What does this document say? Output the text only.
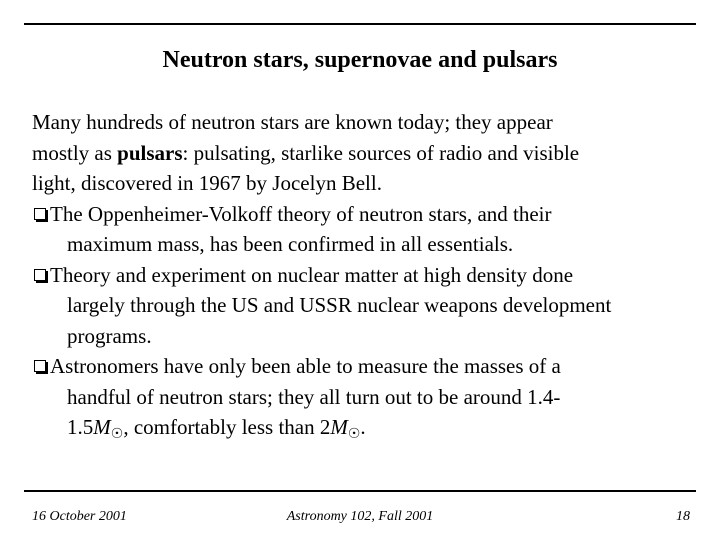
Neutron stars, supernovae and pulsars

Many hundreds of neutron stars are known today; they appear

mostly as pulsars: pulsating, starlike sources of radio and visible

light, discovered in 1967 by Jocelyn Bell.

The Oppenheimer-Volkoff theory of neutron stars, and their
maximum mass, has been confirmed in all essentials.
Theory and experiment on nuclear matter at high density done
largely through the US and USSR nuclear weapons development
programs.
Astronomers have only been able to measure the masses of a
handful of neutron stars; they all turn out to be around 1.4-
1.5M☉, comfortably less than 2M☉.
16 October 2001	Astronomy 102, Fall 2001	18
